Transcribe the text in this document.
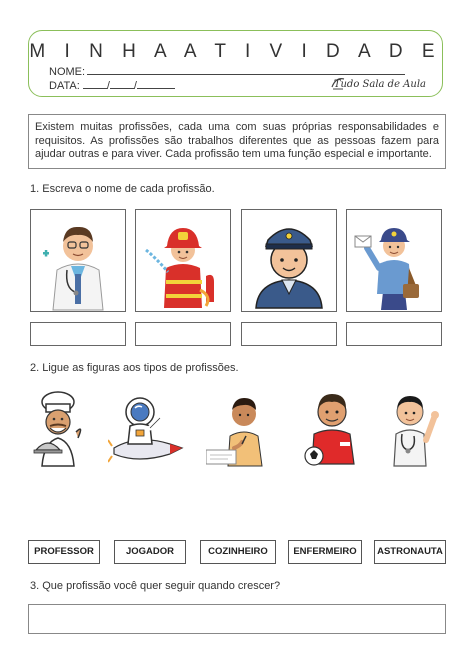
M I N H A A T I V I D A D E
NOME:
DATA: / /	Tudo Sala de Aula
Existem muitas profissões, cada uma com suas próprias responsabilidades e requisitos. As profissões são trabalhos diferentes que as pessoas fazem para ajudar outras e para viver. Cada profissão tem uma função especial e importante.
1. Escreva o nome de cada profissão.
2. Ligue as figuras aos tipos de profissões.
PROFESSOR	JOGADOR	COZINHEIRO	ENFERMEIRO	ASTRONAUTA
3. Que profissão você quer seguir quando crescer?
